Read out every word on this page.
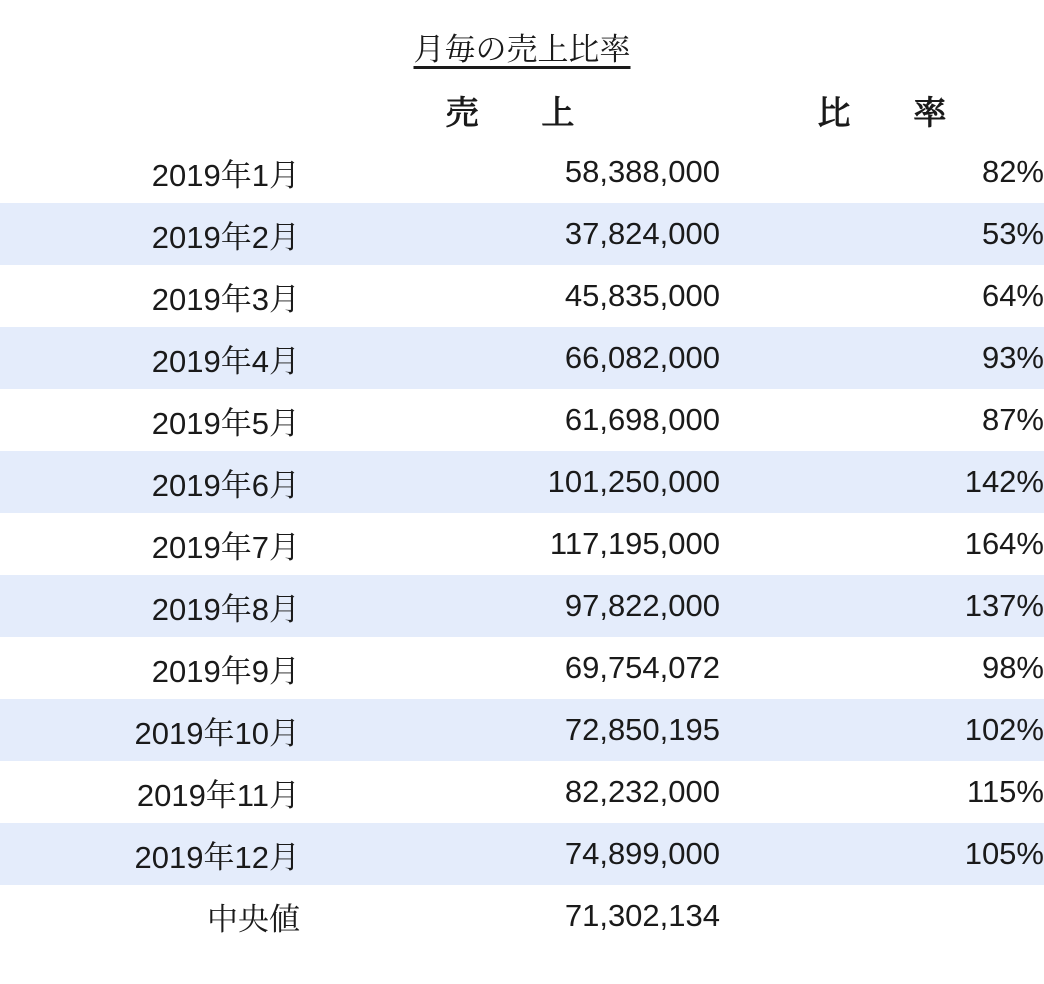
月毎の売上比率
	売　上	比　率
2019年1月	58,388,000	82%
2019年2月	37,824,000	53%
2019年3月	45,835,000	64%
2019年4月	66,082,000	93%
2019年5月	61,698,000	87%
2019年6月	101,250,000	142%
2019年7月	117,195,000	164%
2019年8月	97,822,000	137%
2019年9月	69,754,072	98%
2019年10月	72,850,195	102%
2019年11月	82,232,000	115%
2019年12月	74,899,000	105%
中央値	71,302,134	
